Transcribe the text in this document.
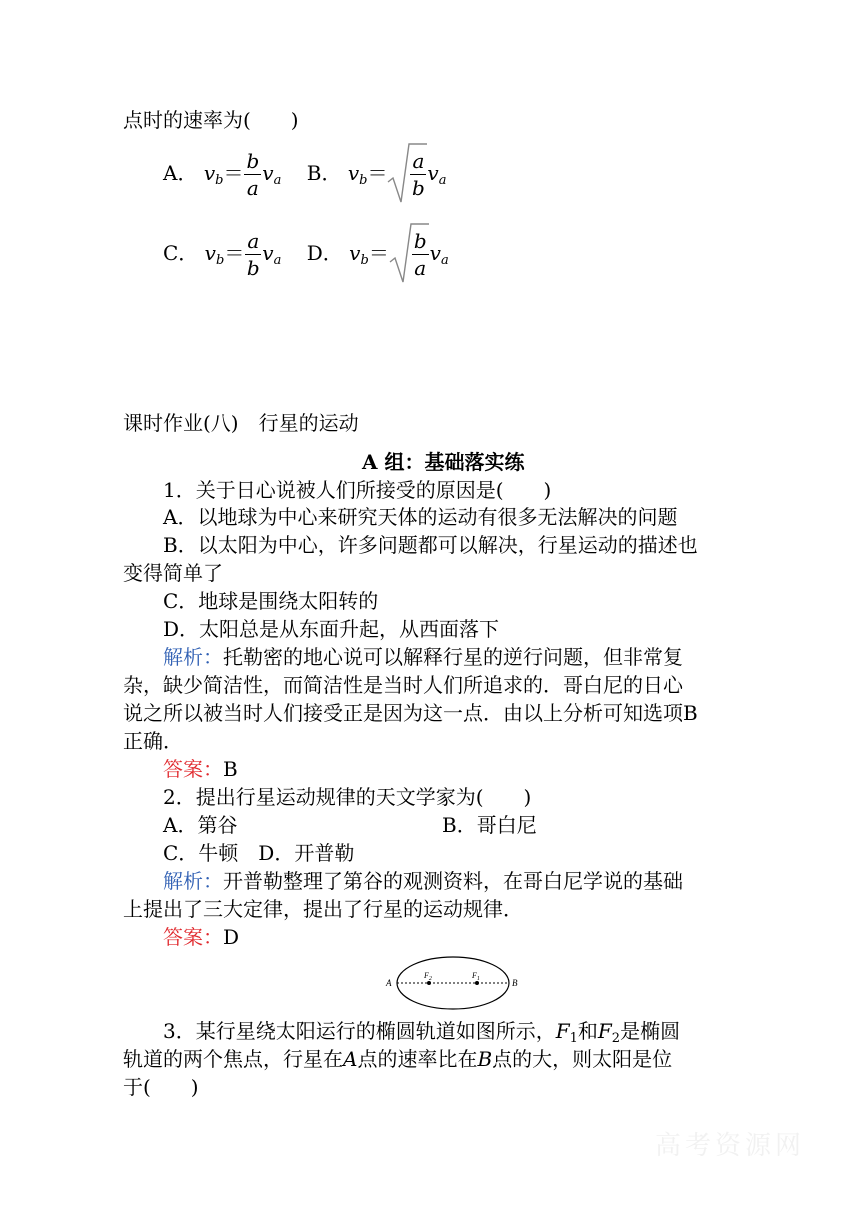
点时的速率为(　　)
A． $v_b= \frac{b}{a} v_a$ B． $v_b= \frac{a}{b} v_a$
C． $v_b= \frac{a}{b} v_a$ D． $v_b= \frac{b}{a} v_a$
课时作业(八)　行星的运动
A 组：基础落实练
1．关于日心说被人们所接受的原因是(　　)
A．以地球为中心来研究天体的运动有很多无法解决的问题
B．以太阳为中心，许多问题都可以解决，行星运动的描述也
变得简单了
C．地球是围绕太阳转的
D．太阳总是从东面升起，从西面落下
解析：托勒密的地心说可以解释行星的逆行问题，但非常复
杂，缺少简洁性，而简洁性是当时人们所追求的．哥白尼的日心
说之所以被当时人们接受正是因为这一点．由以上分析可知选项B
正确．
答案：B
2．提出行星运动规律的天文学家为(　　)
A．第谷	B．哥白尼
C．牛顿　D．开普勒
解析：开普勒整理了第谷的观测资料，在哥白尼学说的基础
上提出了三大定律，提出了行星的运动规律．
答案：D
A	B
$F_2$	$F_1$
3．某行星绕太阳运行的椭圆轨道如图所示，$F_1$和$F_2$是椭圆
轨道的两个焦点，行星在A点的速率比在B点的大，则太阳是位
于(　　)
高考资源网
